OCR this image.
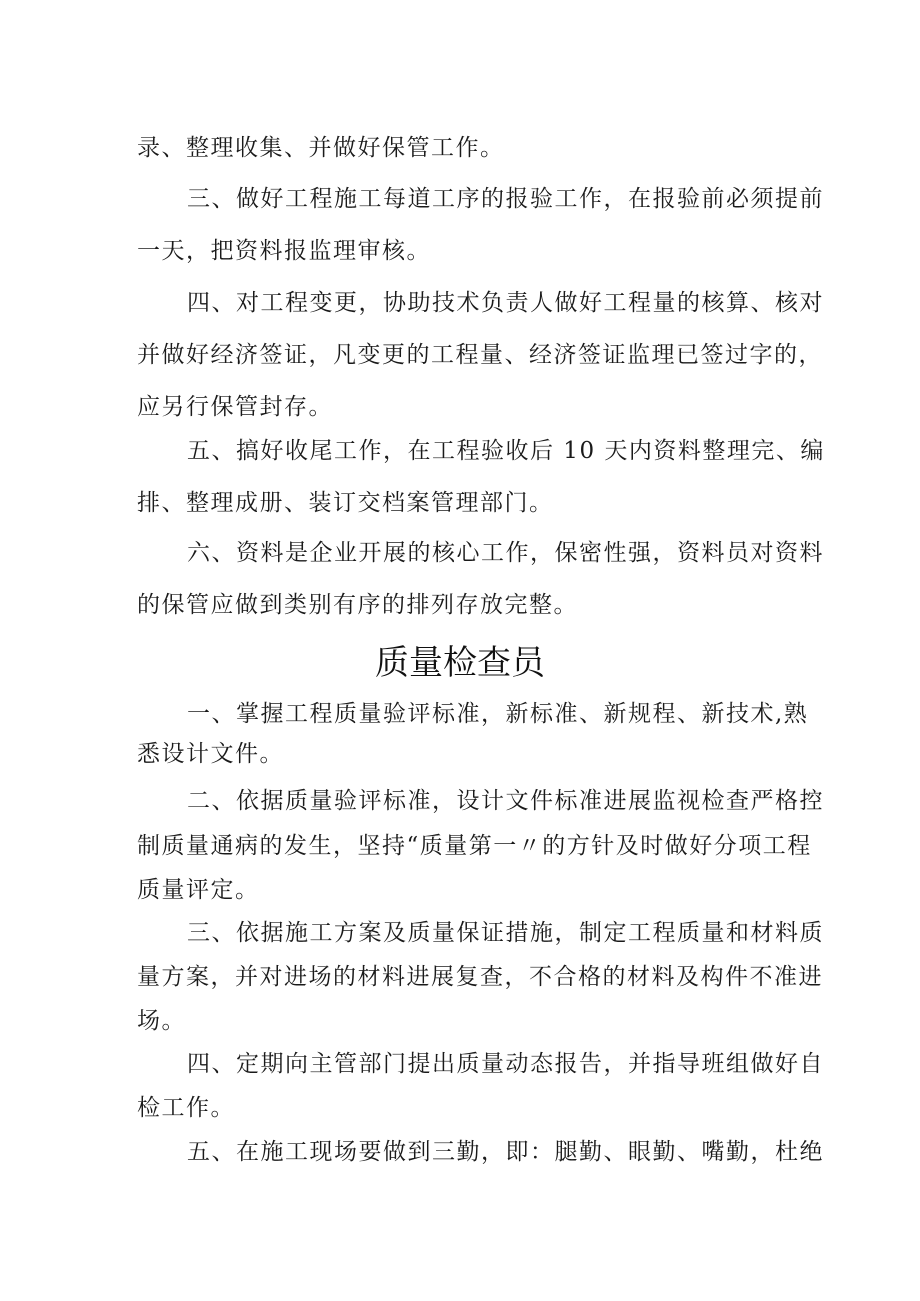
录、整理收集、并做好保管工作。
三、做好工程施工每道工序的报验工作，在报验前必须提前
一天，把资料报监理审核。
四、对工程变更，协助技术负责人做好工程量的核算、核对
并做好经济签证，凡变更的工程量、经济签证监理已签过字的，
应另行保管封存。
五、搞好收尾工作，在工程验收后 10 天内资料整理完、编
排、整理成册、装订交档案管理部门。
六、资料是企业开展的核心工作，保密性强，资料员对资料
的保管应做到类别有序的排列存放完整。
质量检查员
一、掌握工程质量验评标准，新标准、新规程、新技术,熟
悉设计文件。
二、依据质量验评标准，设计文件标准进展监视检查严格控
制质量通病的发生，坚持“质量第一〃的方针及时做好分项工程
质量评定。
三、依据施工方案及质量保证措施，制定工程质量和材料质
量方案，并对进场的材料进展复查，不合格的材料及构件不准进
场。
四、定期向主管部门提出质量动态报告，并指导班组做好自
检工作。
五、在施工现场要做到三勤，即：腿勤、眼勤、嘴勤，杜绝
